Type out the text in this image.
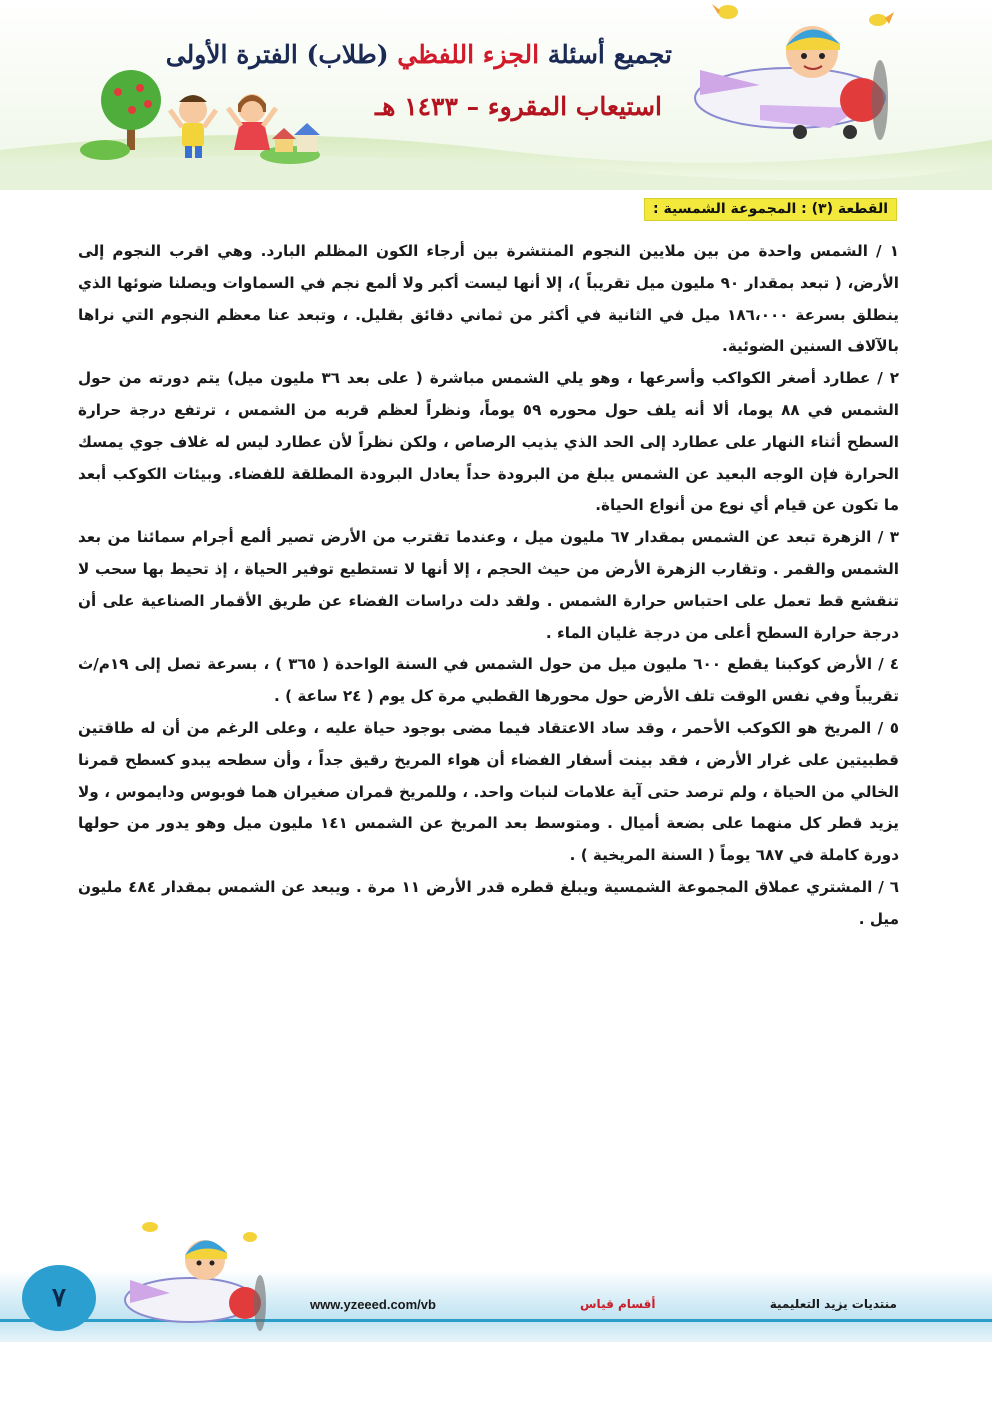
تجميع أسئلة الجزء اللفظي (طلاب) الفترة الأولى
استيعاب المقروء – ١٤٣٣ هـ
القطعة (٣) : المجموعة الشمسية :

١ / الشمس واحدة من بين ملايين النجوم المنتشرة بين أرجاء الكون المظلم البارد. وهي اقرب النجوم إلى الأرض، ( تبعد بمقدار ٩٠ مليون ميل تقريباً )، إلا أنها ليست أكبر ولا ألمع نجم في السماوات ويصلنا ضوئها الذي ينطلق بسرعة ١٨٦،٠٠٠ ميل في الثانية في أكثر من ثماني دقائق بقليل. ، وتبعد عنا معظم النجوم التي نراها بالآلاف السنين الضوئية.

٢ / عطارد أصغر الكواكب وأسرعها ، وهو يلي الشمس مباشرة ( على بعد ٣٦ مليون ميل) يتم دورته من حول الشمس في ٨٨ يوما، ألا أنه يلف حول محوره ٥٩ يوماً، ونظراً لعظم قربه من الشمس ، ترتفع درجة حرارة السطح أثناء النهار على عطارد إلى الحد الذي يذيب الرصاص ، ولكن نظراً لأن عطارد ليس له غلاف جوي يمسك الحرارة فإن الوجه البعيد عن الشمس يبلغ من البرودة حداً يعادل البرودة المطلقة للفضاء. وبيئات الكوكب أبعد ما تكون عن قيام أي نوع من أنواع الحياة.

٣ / الزهرة تبعد عن الشمس بمقدار ٦٧ مليون ميل ، وعندما تقترب من الأرض تصير ألمع أجرام سمائنا من بعد الشمس والقمر . وتقارب الزهرة الأرض من حيث الحجم ، إلا أنها لا تستطيع توفير الحياة ، إذ تحيط بها سحب لا تنقشع قط تعمل على احتباس حرارة الشمس . ولقد دلت دراسات الفضاء عن طريق الأقمار الصناعية على أن درجة حرارة السطح أعلى من درجة غليان الماء .

٤ / الأرض كوكبنا يقطع ٦٠٠ مليون ميل من حول الشمس في السنة الواحدة ( ٣٦٥ ) ، بسرعة تصل إلى ١٩م/ث تقريباً وفي نفس الوقت تلف الأرض حول محورها القطبي مرة كل يوم ( ٢٤ ساعة ) .

٥ / المريخ هو الكوكب الأحمر ، وقد ساد الاعتقاد فيما مضى بوجود حياة عليه ، وعلى الرغم من أن له طاقتين قطبيتين على غرار الأرض ، فقد بينت أسفار الفضاء أن هواء المريخ رقيق جداً ، وأن سطحه يبدو كسطح قمرنا الخالي من الحياة ، ولم ترصد حتى آية علامات لنبات واحد. ، وللمريخ قمران صغيران هما فوبوس ودايموس ، ولا يزيد قطر كل منهما على بضعة أميال . ومتوسط بعد المريخ عن الشمس ١٤١ مليون ميل وهو يدور من حولها دورة كاملة في ٦٨٧ يوماً ( السنة المريخية ) .

٦ / المشتري عملاق المجموعة الشمسية ويبلغ قطره قدر الأرض ١١ مرة . ويبعد عن الشمس بمقدار ٤٨٤ مليون ميل .

٧	www.yzeeed.com/vb	أقسام قياس	منتديات يزيد التعليمية
